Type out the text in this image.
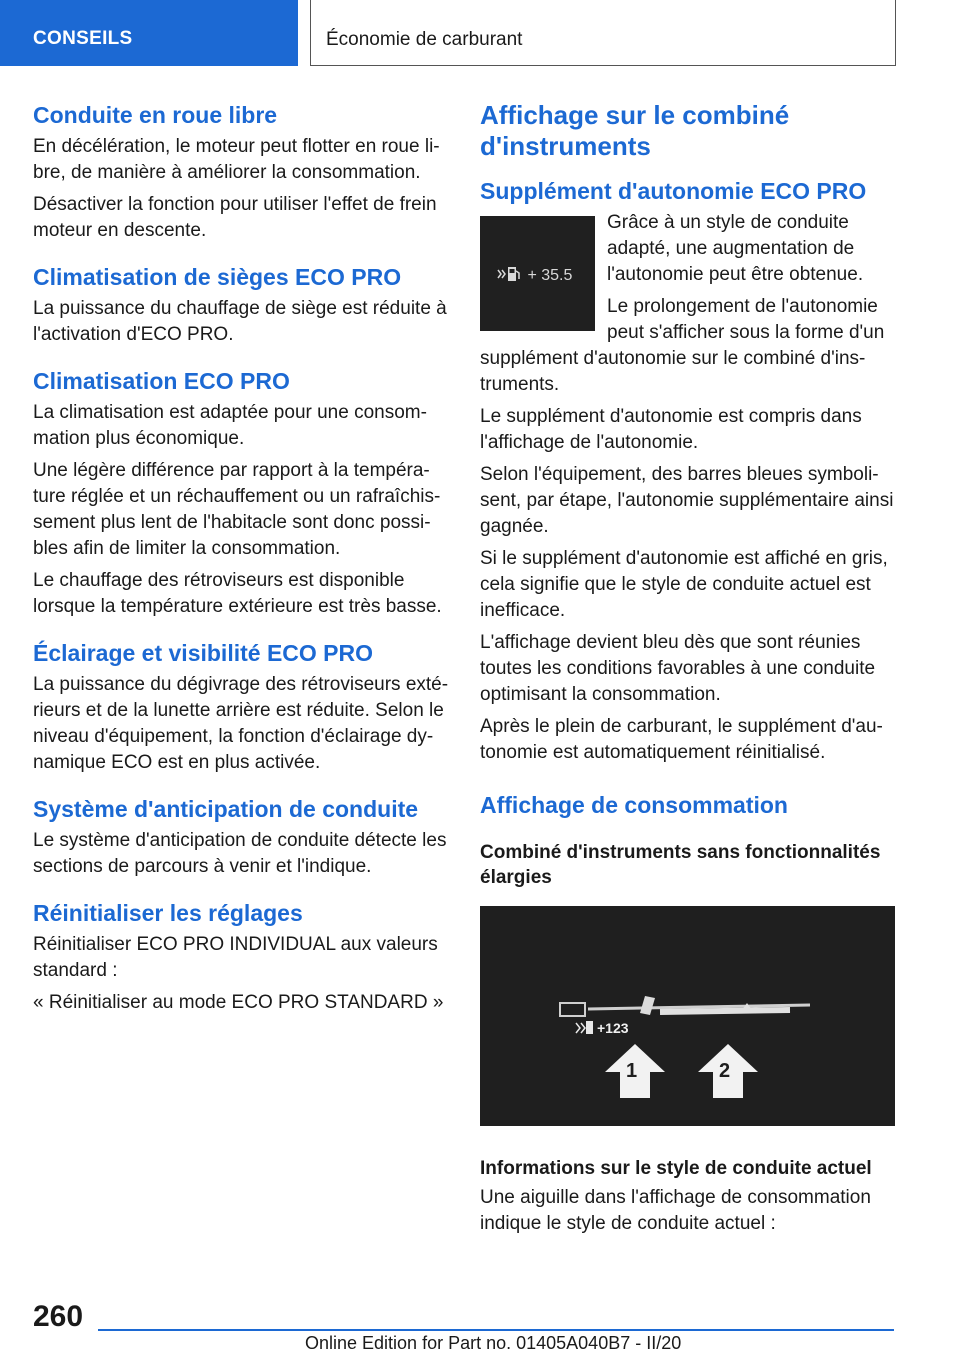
CONSEILS	Économie de carburant
Conduite en roue libre

En décélération, le moteur peut flotter en roue li-bre, de manière à améliorer la consommation.

Désactiver la fonction pour utiliser l'effet de frein moteur en descente.

Climatisation de sièges ECO PRO

La puissance du chauffage de siège est réduite à l'activation d'ECO PRO.

Climatisation ECO PRO

La climatisation est adaptée pour une consom-mation plus économique.

Une légère différence par rapport à la tempéra-ture réglée et un réchauffement ou un rafraîchis-sement plus lent de l'habitacle sont donc possi-bles afin de limiter la consommation.

Le chauffage des rétroviseurs est disponible lorsque la température extérieure est très basse.

Éclairage et visibilité ECO PRO

La puissance du dégivrage des rétroviseurs exté-rieurs et de la lunette arrière est réduite. Selon le niveau d'équipement, la fonction d'éclairage dy-namique ECO est en plus activée.

Système d'anticipation de conduite

Le système d'anticipation de conduite détecte les sections de parcours à venir et l'indique.

Réinitialiser les réglages

Réinitialiser ECO PRO INDIVIDUAL aux valeurs standard :

« Réinitialiser au mode ECO PRO STANDARD »

Affichage sur le combiné d'instruments
Supplément d'autonomie ECO PRO
+ 35.5

Grâce à un style de conduite adapté, une augmentation de l'autonomie peut être obtenue.

Le prolongement de l'autonomie peut s'afficher sous la forme d'un supplément d'autonomie sur le combiné d'ins-truments.

Le supplément d'autonomie est compris dans l'affichage de l'autonomie.

Selon l'équipement, des barres bleues symboli-sent, par étape, l'autonomie supplémentaire ainsi gagnée.

Si le supplément d'autonomie est affiché en gris, cela signifie que le style de conduite actuel est inefficace.

L'affichage devient bleu dès que sont réunies toutes les conditions favorables à une conduite optimisant la consommation.

Après le plein de carburant, le supplément d'au-tonomie est automatiquement réinitialisé.

Affichage de consommation
Combiné d'instruments sans fonctionnalités élargies
+123
1	2
Informations sur le style de conduite actuel

Une aiguille dans l'affichage de consommation indique le style de conduite actuel :

260
Online Edition for Part no. 01405A040B7 - II/20
